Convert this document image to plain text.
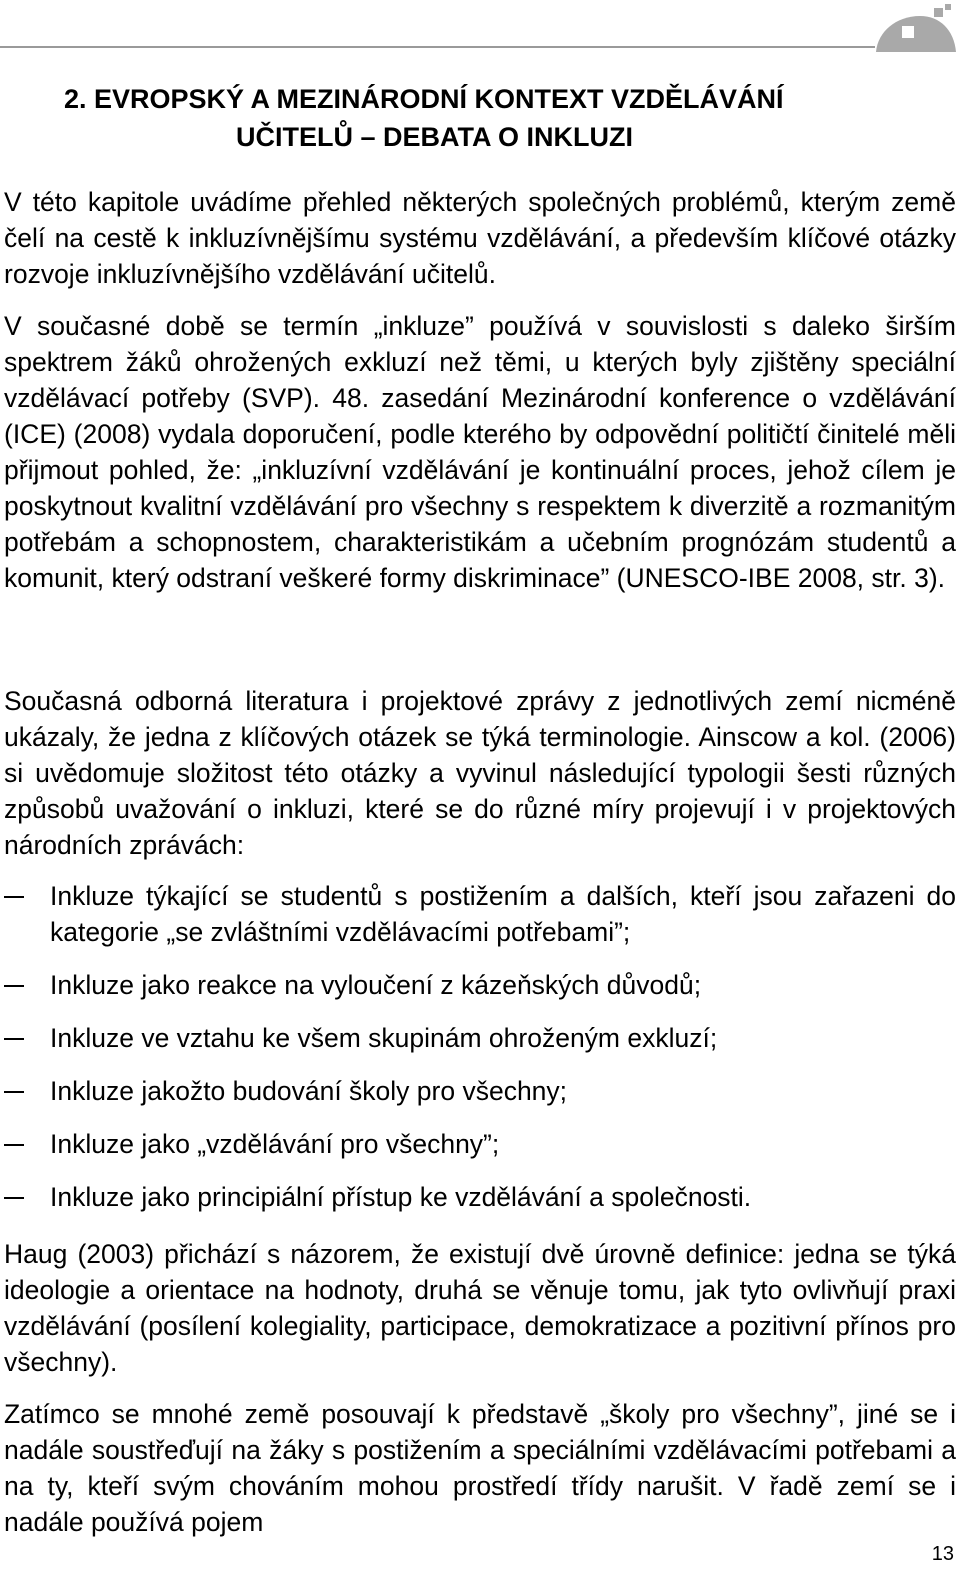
2. EVROPSKÝ A MEZINÁRODNÍ KONTEXT VZDĚLÁVÁNÍ
UČITELŮ – DEBATA O INKLUZI

V této kapitole uvádíme přehled některých společných problémů, kterým země čelí na cestě k inkluzívnějšímu systému vzdělávání, a především klíčové otázky rozvoje inkluzívnějšího vzdělávání učitelů.

V současné době se termín „inkluze” používá v souvislosti s daleko širším spektrem žáků ohrožených exkluzí než těmi, u kterých byly zjištěny speciální vzdělávací potřeby (SVP). 48. zasedání Mezinárodní konference o vzdělávání (ICE) (2008) vydala doporučení, podle kterého by odpovědní političtí činitelé měli přijmout pohled, že: „inkluzívní vzdělávání je kontinuální proces, jehož cílem je poskytnout kvalitní vzdělávání pro všechny s respektem k diverzitě a rozmanitým potřebám a schopnostem, charakteristikám a učebním prognózám studentů a komunit, který odstraní veškeré formy diskriminace” (UNESCO-IBE 2008, str. 3).

Současná odborná literatura i projektové zprávy z jednotlivých zemí nicméně ukázaly, že jedna z klíčových otázek se týká terminologie. Ainscow a kol. (2006) si uvědomuje složitost této otázky a vyvinul následující typologii šesti různých způsobů uvažování o inkluzi, které se do různé míry projevují i v projektových národních zprávách:

Inkluze týkající se studentů s postižením a dalších, kteří jsou zařazeni do kategorie „se zvláštními vzdělávacími potřebami”;
Inkluze jako reakce na vyloučení z kázeňských důvodů;
Inkluze ve vztahu ke všem skupinám ohroženým exkluzí;
Inkluze jakožto budování školy pro všechny;
Inkluze jako „vzdělávání pro všechny”;
Inkluze jako principiální přístup ke vzdělávání a společnosti.

Haug (2003) přichází s názorem, že existují dvě úrovně definice: jedna se týká ideologie a orientace na hodnoty, druhá se věnuje tomu, jak tyto ovlivňují praxi vzdělávání (posílení kolegiality, participace, demokratizace a pozitivní přínos pro všechny).

Zatímco se mnohé země posouvají k představě „školy pro všechny”, jiné se i nadále soustřeďují na žáky s postižením a speciálními vzdělávacími potřebami a na ty, kteří svým chováním mohou prostředí třídy narušit. V řadě zemí se i nadále používá pojem

13
